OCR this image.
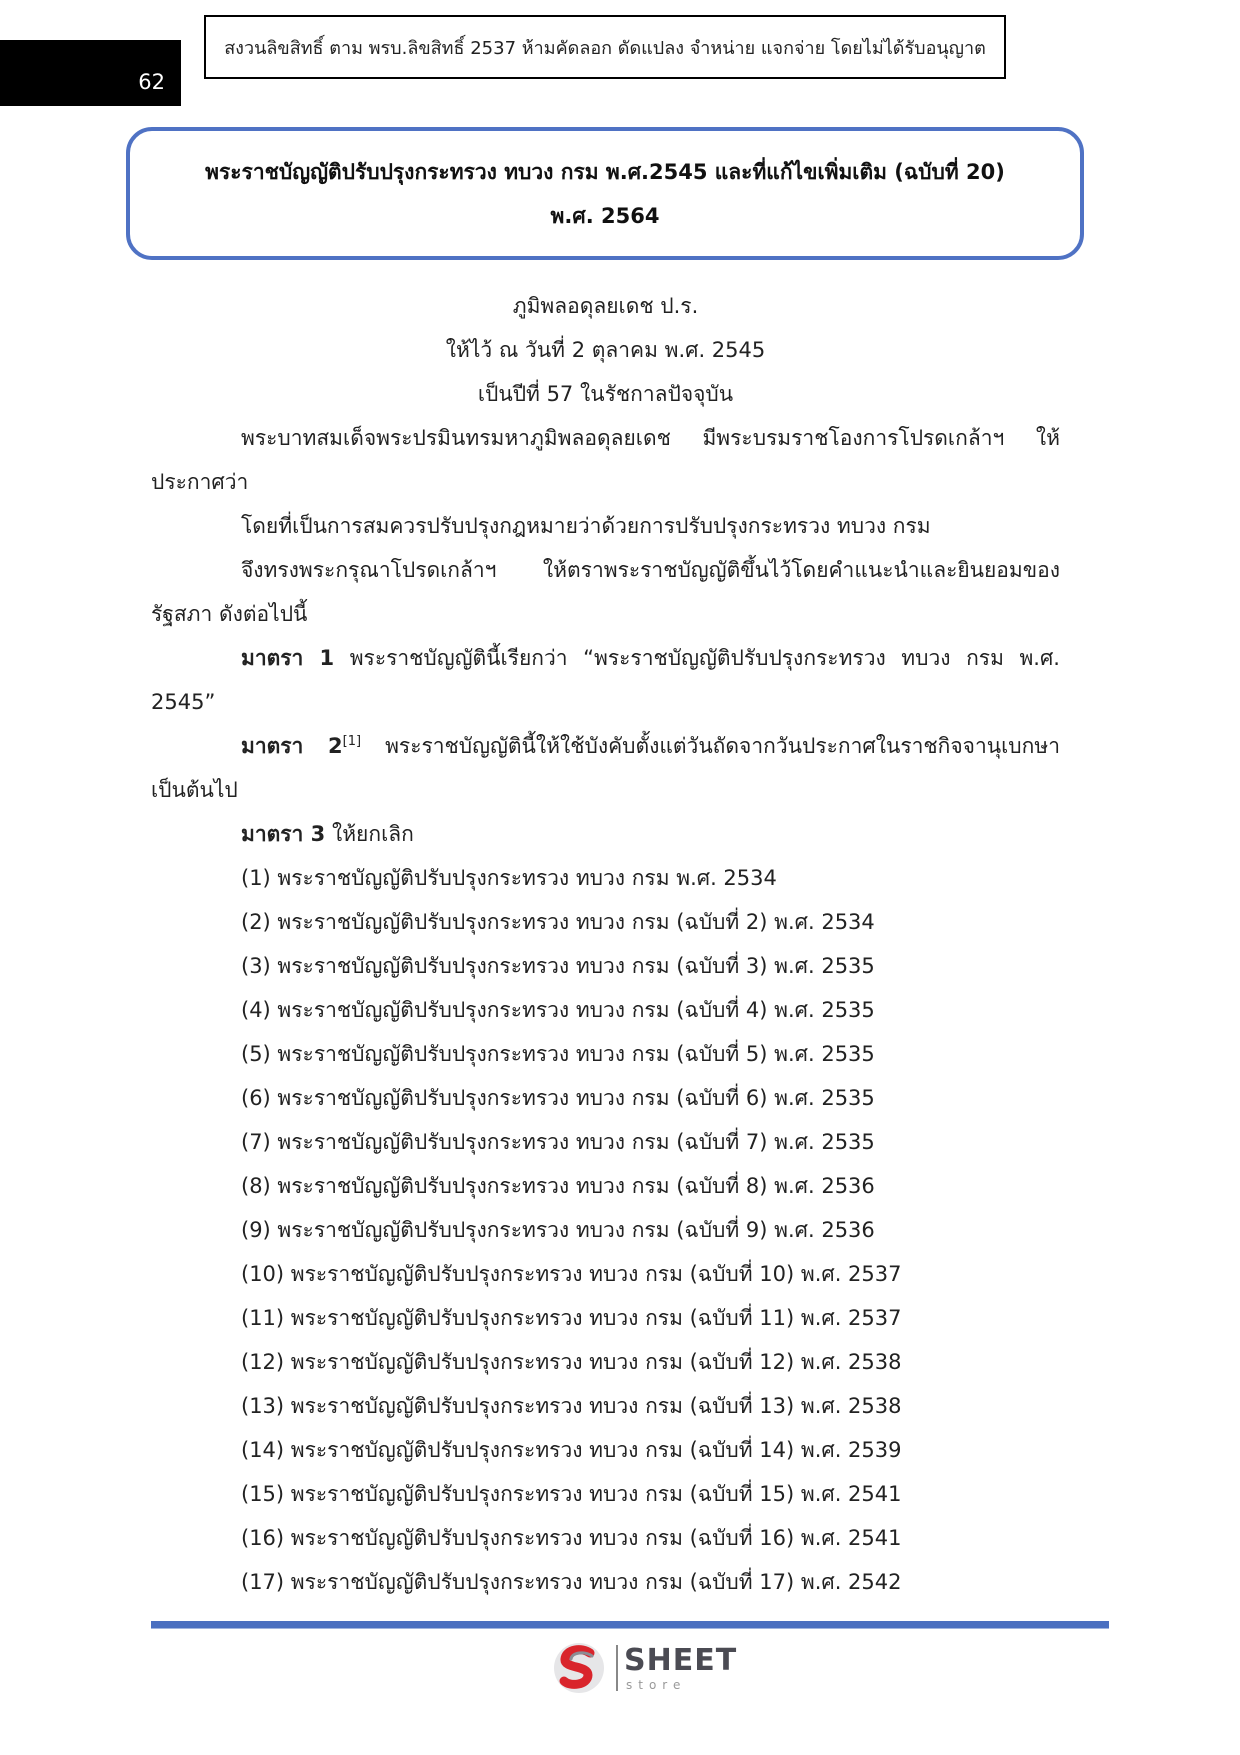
62
สงวนลิขสิทธิ์ ตาม พรบ.ลิขสิทธิ์ 2537 ห้ามคัดลอก ดัดแปลง จำหน่าย แจกจ่าย โดยไม่ได้รับอนุญาต
พระราชบัญญัติปรับปรุงกระทรวง ทบวง กรม พ.ศ.2545 และที่แก้ไขเพิ่มเติม (ฉบับที่ 20) พ.ศ. 2564
ภูมิพลอดุลยเดช ป.ร.
ให้ไว้ ณ วันที่ 2 ตุลาคม พ.ศ. 2545
เป็นปีที่ 57 ในรัชกาลปัจจุบัน

พระบาทสมเด็จพระปรมินทรมหาภูมิพลอดุลยเดช มีพระบรมราชโองการโปรดเกล้าฯ ให้ประกาศว่า

โดยที่เป็นการสมควรปรับปรุงกฎหมายว่าด้วยการปรับปรุงกระทรวง ทบวง กรม

จึงทรงพระกรุณาโปรดเกล้าฯ ให้ตราพระราชบัญญัติขึ้นไว้โดยคำแนะนำและยินยอมของรัฐสภา ดังต่อไปนี้

มาตรา 1 พระราชบัญญัตินี้เรียกว่า “พระราชบัญญัติปรับปรุงกระทรวง ทบวง กรม พ.ศ. 2545”

มาตรา 2[1] พระราชบัญญัตินี้ให้ใช้บังคับตั้งแต่วันถัดจากวันประกาศในราชกิจจานุเบกษาเป็นต้นไป

มาตรา 3 ให้ยกเลิก
(1) พระราชบัญญัติปรับปรุงกระทรวง ทบวง กรม พ.ศ. 2534
(2) พระราชบัญญัติปรับปรุงกระทรวง ทบวง กรม (ฉบับที่ 2) พ.ศ. 2534
(3) พระราชบัญญัติปรับปรุงกระทรวง ทบวง กรม (ฉบับที่ 3) พ.ศ. 2535
(4) พระราชบัญญัติปรับปรุงกระทรวง ทบวง กรม (ฉบับที่ 4) พ.ศ. 2535
(5) พระราชบัญญัติปรับปรุงกระทรวง ทบวง กรม (ฉบับที่ 5) พ.ศ. 2535
(6) พระราชบัญญัติปรับปรุงกระทรวง ทบวง กรม (ฉบับที่ 6) พ.ศ. 2535
(7) พระราชบัญญัติปรับปรุงกระทรวง ทบวง กรม (ฉบับที่ 7) พ.ศ. 2535
(8) พระราชบัญญัติปรับปรุงกระทรวง ทบวง กรม (ฉบับที่ 8) พ.ศ. 2536
(9) พระราชบัญญัติปรับปรุงกระทรวง ทบวง กรม (ฉบับที่ 9) พ.ศ. 2536
(10) พระราชบัญญัติปรับปรุงกระทรวง ทบวง กรม (ฉบับที่ 10) พ.ศ. 2537
(11) พระราชบัญญัติปรับปรุงกระทรวง ทบวง กรม (ฉบับที่ 11) พ.ศ. 2537
(12) พระราชบัญญัติปรับปรุงกระทรวง ทบวง กรม (ฉบับที่ 12) พ.ศ. 2538
(13) พระราชบัญญัติปรับปรุงกระทรวง ทบวง กรม (ฉบับที่ 13) พ.ศ. 2538
(14) พระราชบัญญัติปรับปรุงกระทรวง ทบวง กรม (ฉบับที่ 14) พ.ศ. 2539
(15) พระราชบัญญัติปรับปรุงกระทรวง ทบวง กรม (ฉบับที่ 15) พ.ศ. 2541
(16) พระราชบัญญัติปรับปรุงกระทรวง ทบวง กรม (ฉบับที่ 16) พ.ศ. 2541
(17) พระราชบัญญัติปรับปรุงกระทรวง ทบวง กรม (ฉบับที่ 17) พ.ศ. 2542
SHEET
store
